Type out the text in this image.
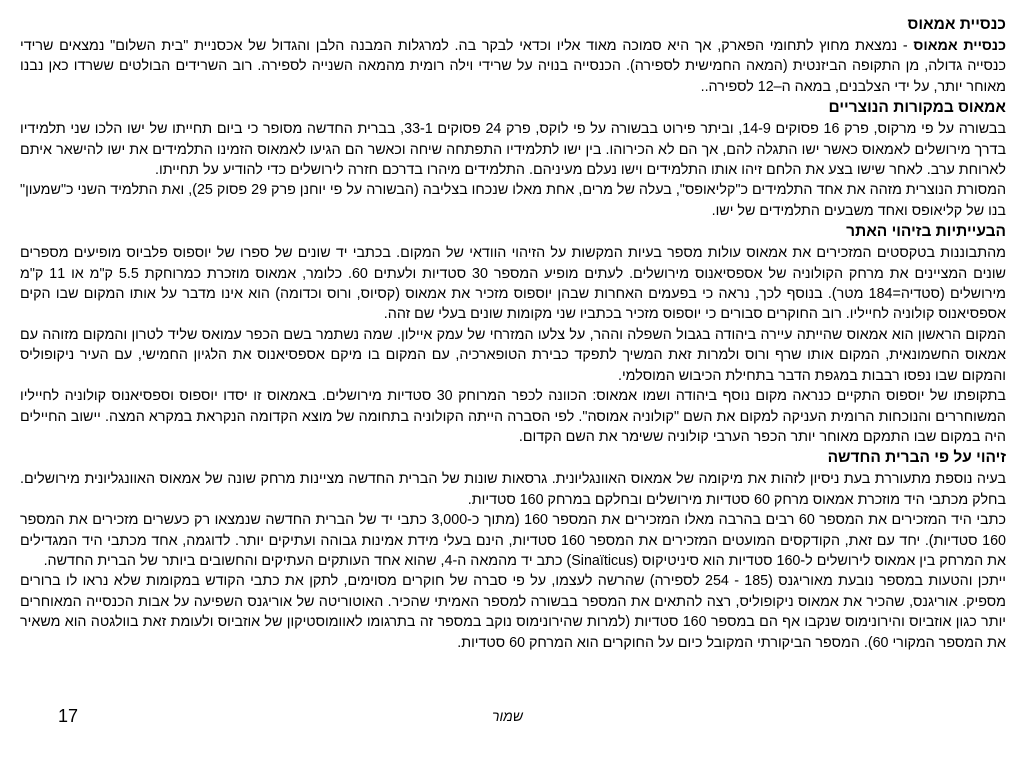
כנסיית אמאוס

כנסיית אמאוס - נמצאת מחוץ לתחומי הפארק, אך היא סמוכה מאוד אליו וכדאי לבקר בה. למרגלות המבנה הלבן והגדול של אכסניית "בית השלום" נמצאים שרידי כנסייה גדולה, מן התקופה הביזנטית (המאה החמישית לספירה). הכנסייה בנויה על שרידי וילה רומית מהמאה השנייה לספירה. רוב השרידים הבולטים ששרדו כאן נבנו מאוחר יותר, על ידי הצלבנים, במאה ה–12 לספירה..

אמאוס במקורות הנוצריים

בבשורה על פי מרקוס, פרק 16 פסוקים 14-9, וביתר פירוט בבשורה על פי לוקס, פרק 24 פסוקים 33-1, בברית החדשה מסופר כי ביום תחייתו של ישו הלכו שני תלמידיו בדרך מירושלים לאמאוס כאשר ישו התגלה להם, אך הם לא הכירוהו. בין ישו לתלמידיו התפתחה שיחה וכאשר הם הגיעו לאמאוס הזמינו התלמידים את ישו להישאר איתם לארוחת ערב. לאחר שישו בצע את הלחם זיהו אותו התלמידים וישו נעלם מעיניהם. התלמידים מיהרו בדרכם חזרה לירושלים כדי להודיע על תחייתו.

המסורת הנוצרית מזהה את אחד התלמידים כ"קליאופס", בעלה של מרים, אחת מאלו שנכחו בצליבה (הבשורה על פי יוחנן פרק 29 פסוק 25), ואת התלמיד השני כ"שמעון" בנו של קליאופס ואחד משבעים התלמידים של ישו.

הבעייתיות בזיהוי האתר

מהתבוננות בטקסטים המזכירים את אמאוס עולות מספר בעיות המקשות על הזיהוי הוודאי של המקום. בכתבי יד שונים של ספרו של יוספוס פלביוס מופיעים מספרים שונים המציינים את מרחק הקולוניה של אספסיאנוס מירושלים. לעתים מופיע המספר 30 סטדיות ולעתים 60. כלומר, אמאוס מוזכרת כמרוחקת 5.5 ק"מ או 11 ק"מ מירושלים (סטדיה=184 מטר). בנוסף לכך, נראה כי בפעמים האחרות שבהן יוספוס מזכיר את אמאוס (קסיוס, ורוס וכדומה) הוא אינו מדבר על אותו המקום שבו הקים אספסיאנוס קולוניה לחייליו. רוב החוקרים סבורים כי יוספוס מזכיר בכתביו שני מקומות שונים בעלי שם זהה.

המקום הראשון הוא אמאוס שהייתה עיירה ביהודה בגבול השפלה וההר, על צלעו המזרחי של עמק איילון. שמה נשתמר בשם הכפר עמואס שליד לטרון והמקום מזוהה עם אמאוס החשמונאית, המקום אותו שרף ורוס ולמרות זאת המשיך לתפקד כבירת הטופארכיה, עם המקום בו מיקם אספסיאנוס את הלגיון החמישי, עם העיר ניקופוליס והמקום שבו נפסו רבבות במגפת הדבר בתחילת הכיבוש המוסלמי.

בתקופתו של יוספוס התקיים כנראה מקום נוסף ביהודה ושמו אמאוס: הכוונה לכפר המרוחק 30 סטדיות מירושלים. באמאוס זו יסדו יוספוס וספסיאנוס קולוניה לחייליו המשוחררים והנוכחות הרומית העניקה למקום את השם "קולוניה אמוסה". לפי הסברה הייתה הקולוניה בתחומה של מוצא הקדומה הנקראת במקרא המצה. יישוב החיילים היה במקום שבו התמקם מאוחר יותר הכפר הערבי קולוניה ששימר את השם הקדום.

זיהוי על פי הברית החדשה

בעיה נוספת מתעוררת בעת ניסיון לזהות את מיקומה של אמאוס האוונגליונית. גרסאות שונות של הברית החדשה מציינות מרחק שונה של אמאוס האוונגליונית מירושלים. בחלק מכתבי היד מוזכרת אמאוס מרחק 60 סטדיות מירושלים ובחלקם במרחק 160 סטדיות.

כתבי היד המזכירים את המספר 60 רבים בהרבה מאלו המזכירים את המספר 160 (מתוך כ-3,000 כתבי יד של הברית החדשה שנמצאו רק כעשרים מזכירים את המספר 160 סטדיות). יחד עם זאת, הקודקסים המועטים המזכירים את המספר 160 סטדיות, הינם בעלי מידת אמינות גבוהה ועתיקים יותר. לדוגמה, אחד מכתבי היד המגדילים את המרחק בין אמאוס לירושלים ל-160 סטדיות הוא סיניטיקוס (Sinaïticus) כתב יד מהמאה ה-4, שהוא אחד העותקים העתיקים והחשובים ביותר של הברית החדשה.

ייתכן והטעות במספר נובעת מאוריגנס (185 - 254 לספירה) שהרשה לעצמו, על פי סברה של חוקרים מסוימים, לתקן את כתבי הקודש במקומות שלא נראו לו ברורים מספיק. אוריגנס, שהכיר את אמאוס ניקופוליס, רצה להתאים את המספר בבשורה למספר האמיתי שהכיר. האוטוריטה של אוריגנס השפיעה על אבות הכנסייה המאוחרים יותר כגון אוזביוס והירונימוס שנקבו אף הם במספר 160 סטדיות (למרות שהירונימוס נוקב במספר זה בתרגומו לאוומוסטיקון של אוזביוס ולעומת זאת בוולגטה הוא משאיר את המספר המקורי 60). המספר הביקורתי המקובל כיום על החוקרים הוא המרחק 60 סטדיות.

17	שמור
